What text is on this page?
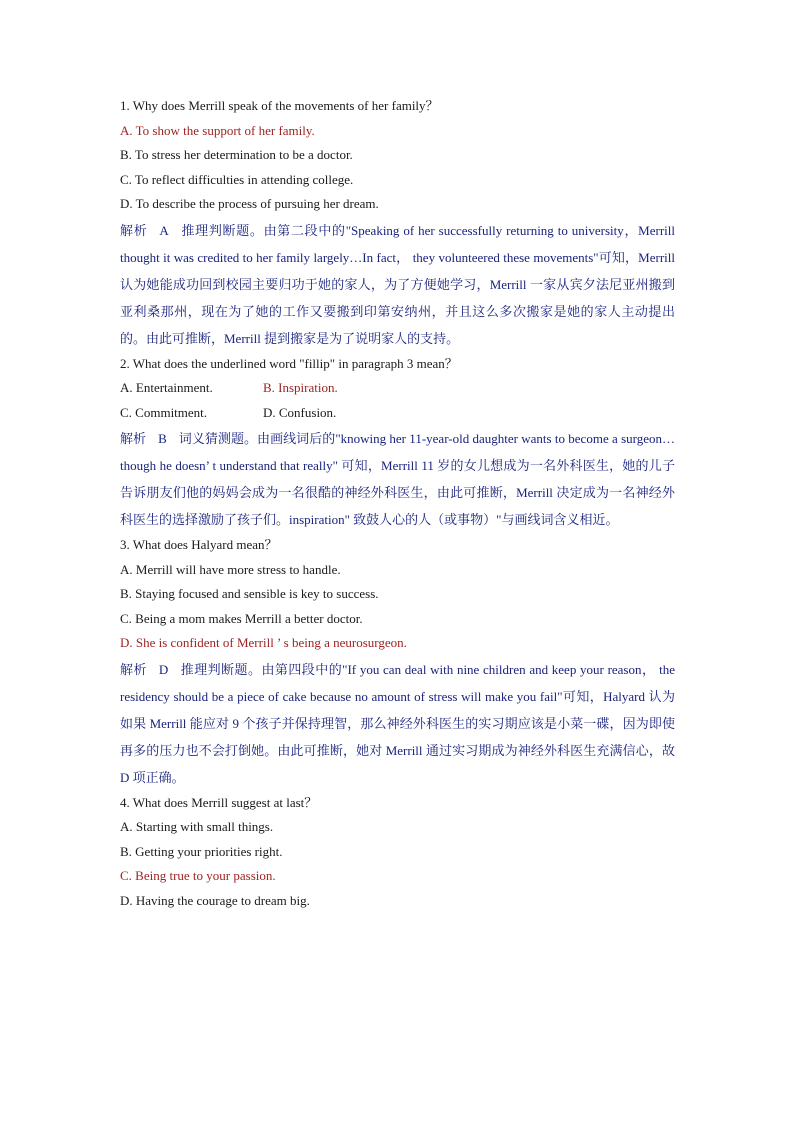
1. Why does Merrill speak of the movements of her family？
A. To show the support of her family.
B. To stress her determination to be a doctor.
C. To reflect difficulties in attending college.
D. To describe the process of pursuing her dream.
解析 A 推理判断题。由第二段中的"Speaking of her successfully returning to university，Merrill thought it was credited to her family largely…In fact， they volunteered these movements"可知，Merrill 认为她能成功回到校园主要归功于她的家人，为了方便她学习，Merrill 一家从宾夕法尼亚州搬到亚利桑那州，现在为了她的工作又要搬到印第安纳州，并且这么多次搬家是她的家人主动提出的。由此可推断，Merrill 提到搬家是为了说明家人的支持。
2. What does the underlined word "fillip" in paragraph 3 mean？
A. Entertainment.	B. Inspiration.
C. Commitment.	D. Confusion.
解析 B 词义猜测题。由画线词后的"knowing her 11-year-old daughter wants to become a surgeon…though he doesn’ t understand that really" 可知，Merrill 11 岁的女儿想成为一名外科医生，她的儿子告诉朋友们他的妈妈会成为一名很酷的神经外科医生，由此可推断，Merrill 决定成为一名神经外科医生的选择激励了孩子们。inspiration" 致鼓人心的人（或事物）"与画线词含义相近。
3. What does Halyard mean？
A. Merrill will have more stress to handle.
B. Staying focused and sensible is key to success.
C. Being a mom makes Merrill a better doctor.
D. She is confident of Merrill ’ s being a neurosurgeon.
解析 D 推理判断题。由第四段中的"If you can deal with nine children and keep your reason， the residency should be a piece of cake because no amount of stress will make you fail"可知，Halyard 认为如果 Merrill 能应对 9 个孩子并保持理智，那么神经外科医生的实习期应该是小菜一碟，因为即使再多的压力也不会打倒她。由此可推断，她对 Merrill 通过实习期成为神经外科医生充满信心，故 D 项正确。
4. What does Merrill suggest at last？
A. Starting with small things.
B. Getting your priorities right.
C. Being true to your passion.
D. Having the courage to dream big.
